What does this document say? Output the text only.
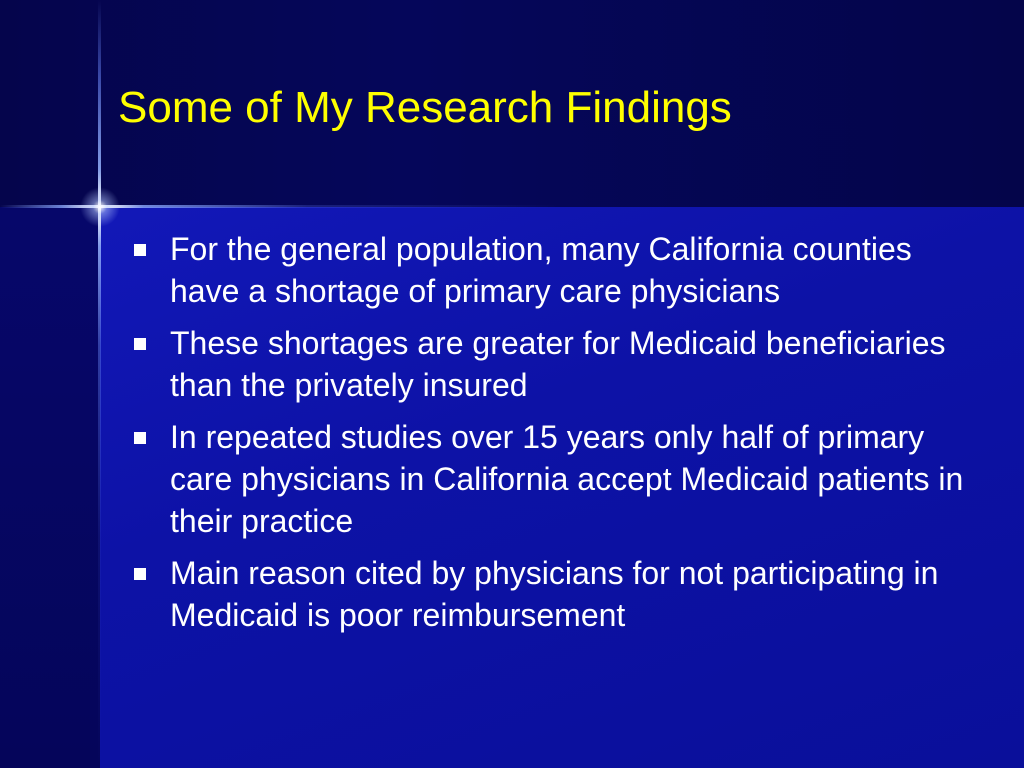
Some of My Research Findings
For the general population, many California counties have a shortage of primary care physicians
These shortages are greater for Medicaid beneficiaries than the privately insured
In repeated studies over 15 years only half of primary care physicians in California accept Medicaid patients in their practice
Main reason cited by physicians for not participating in Medicaid is poor reimbursement
